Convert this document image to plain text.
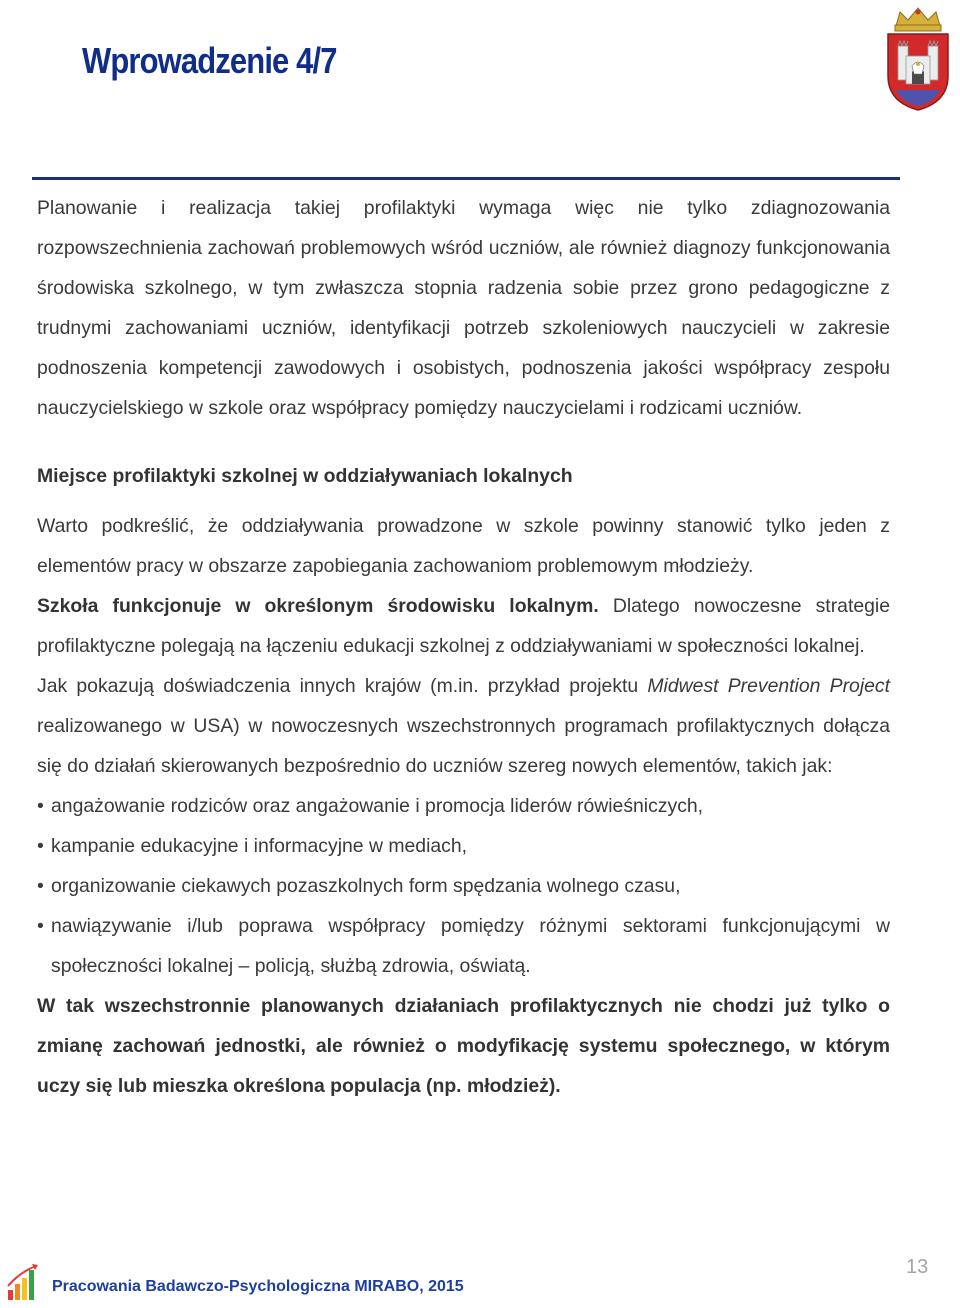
Wprowadzenie 4/7

Planowanie i realizacja takiej profilaktyki wymaga więc nie tylko zdiagnozowania rozpowszechnienia zachowań problemowych wśród uczniów, ale również diagnozy funkcjonowania środowiska szkolnego, w tym zwłaszcza stopnia radzenia sobie przez grono pedagogiczne z trudnymi zachowaniami uczniów, identyfikacji potrzeb szkoleniowych nauczycieli w zakresie podnoszenia kompetencji zawodowych i osobistych, podnoszenia jakości współpracy zespołu nauczycielskiego w szkole oraz współpracy pomiędzy nauczycielami i rodzicami uczniów.

Miejsce profilaktyki szkolnej w oddziaływaniach lokalnych

Warto podkreślić, że oddziaływania prowadzone w szkole powinny stanowić tylko jeden z elementów pracy w obszarze zapobiegania zachowaniom problemowym młodzieży.

Szkoła funkcjonuje w określonym środowisku lokalnym. Dlatego nowoczesne strategie profilaktyczne polegają na łączeniu edukacji szkolnej z oddziaływaniami w społeczności lokalnej.

Jak pokazują doświadczenia innych krajów (m.in. przykład projektu Midwest Prevention Project realizowanego w USA) w nowoczesnych wszechstronnych programach profilaktycznych dołącza się do działań skierowanych bezpośrednio do uczniów szereg nowych elementów, takich jak:

• angażowanie rodziców oraz angażowanie i promocja liderów rówieśniczych,
• kampanie edukacyjne i informacyjne w mediach,
• organizowanie ciekawych pozaszkolnych form spędzania wolnego czasu,
• nawiązywanie i/lub poprawa współpracy pomiędzy różnymi sektorami funkcjonującymi w społeczności lokalnej – policją, służbą zdrowia, oświatą.

W tak wszechstronnie planowanych działaniach profilaktycznych nie chodzi już tylko o zmianę zachowań jednostki, ale również o modyfikację systemu społecznego, w którym uczy się lub mieszka określona populacja (np. młodzież).

Pracowania Badawczo-Psychologiczna MIRABO, 2015

13
